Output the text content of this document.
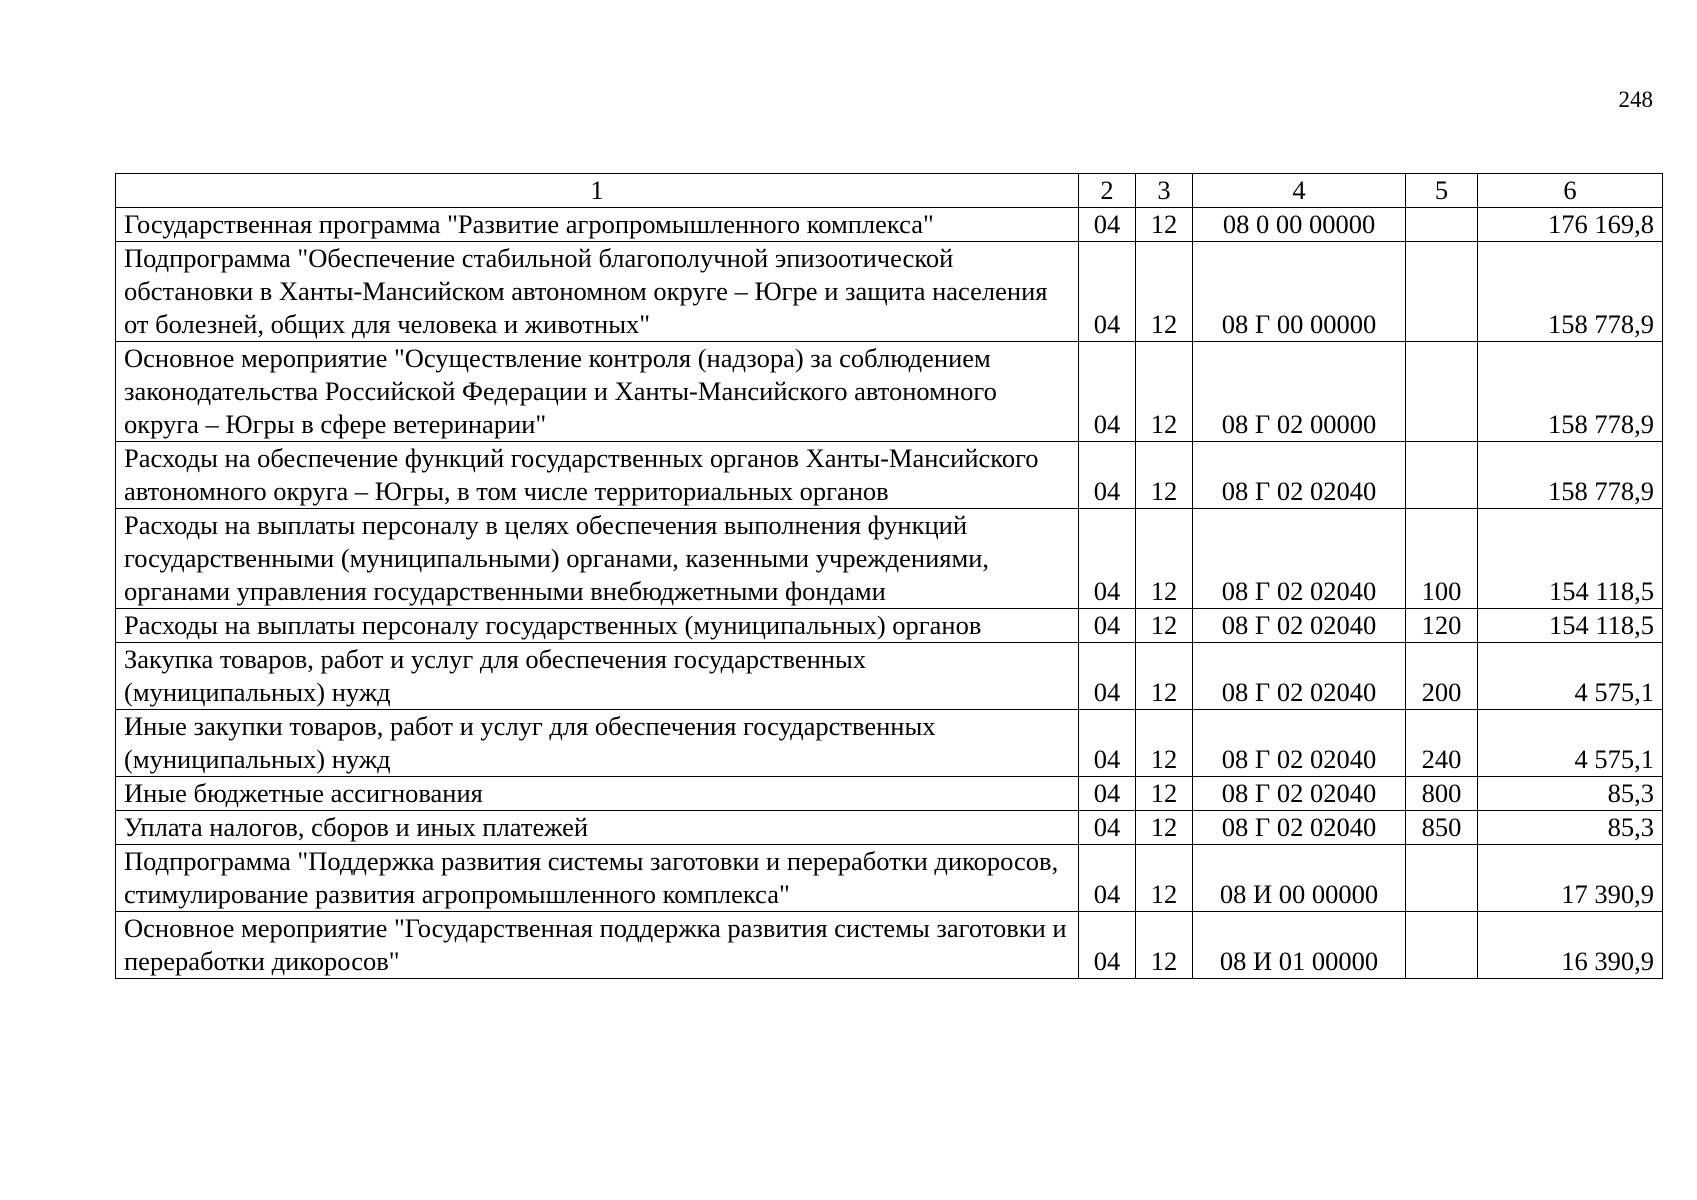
248
1	2	3	4	5	6
Государственная программа "Развитие агропромышленного комплекса"	04	12	08 0 00 00000		176 169,8
Подпрограмма "Обеспечение стабильной благополучной эпизоотической обстановки в Ханты-Мансийском автономном округе – Югре и защита населения от болезней, общих для человека и животных"	04	12	08 Г 00 00000		158 778,9
Основное мероприятие "Осуществление контроля (надзора) за соблюдением законодательства Российской Федерации и Ханты-Мансийского автономного округа – Югры в сфере ветеринарии"	04	12	08 Г 02 00000		158 778,9
Расходы на обеспечение функций государственных органов Ханты-Мансийского автономного округа – Югры, в том числе территориальных органов	04	12	08 Г 02 02040		158 778,9
Расходы на выплаты персоналу в целях обеспечения выполнения функций государственными (муниципальными) органами, казенными учреждениями, органами управления государственными внебюджетными фондами	04	12	08 Г 02 02040	100	154 118,5
Расходы на выплаты персоналу государственных (муниципальных) органов	04	12	08 Г 02 02040	120	154 118,5
Закупка товаров, работ и услуг для обеспечения государственных (муниципальных) нужд	04	12	08 Г 02 02040	200	4 575,1
Иные закупки товаров, работ и услуг для обеспечения государственных (муниципальных) нужд	04	12	08 Г 02 02040	240	4 575,1
Иные бюджетные ассигнования	04	12	08 Г 02 02040	800	85,3
Уплата налогов, сборов и иных платежей	04	12	08 Г 02 02040	850	85,3
Подпрограмма "Поддержка развития системы заготовки и переработки дикоросов, стимулирование развития агропромышленного комплекса"	04	12	08 И 00 00000		17 390,9
Основное мероприятие "Государственная поддержка развития системы заготовки и переработки дикоросов"	04	12	08 И 01 00000		16 390,9
